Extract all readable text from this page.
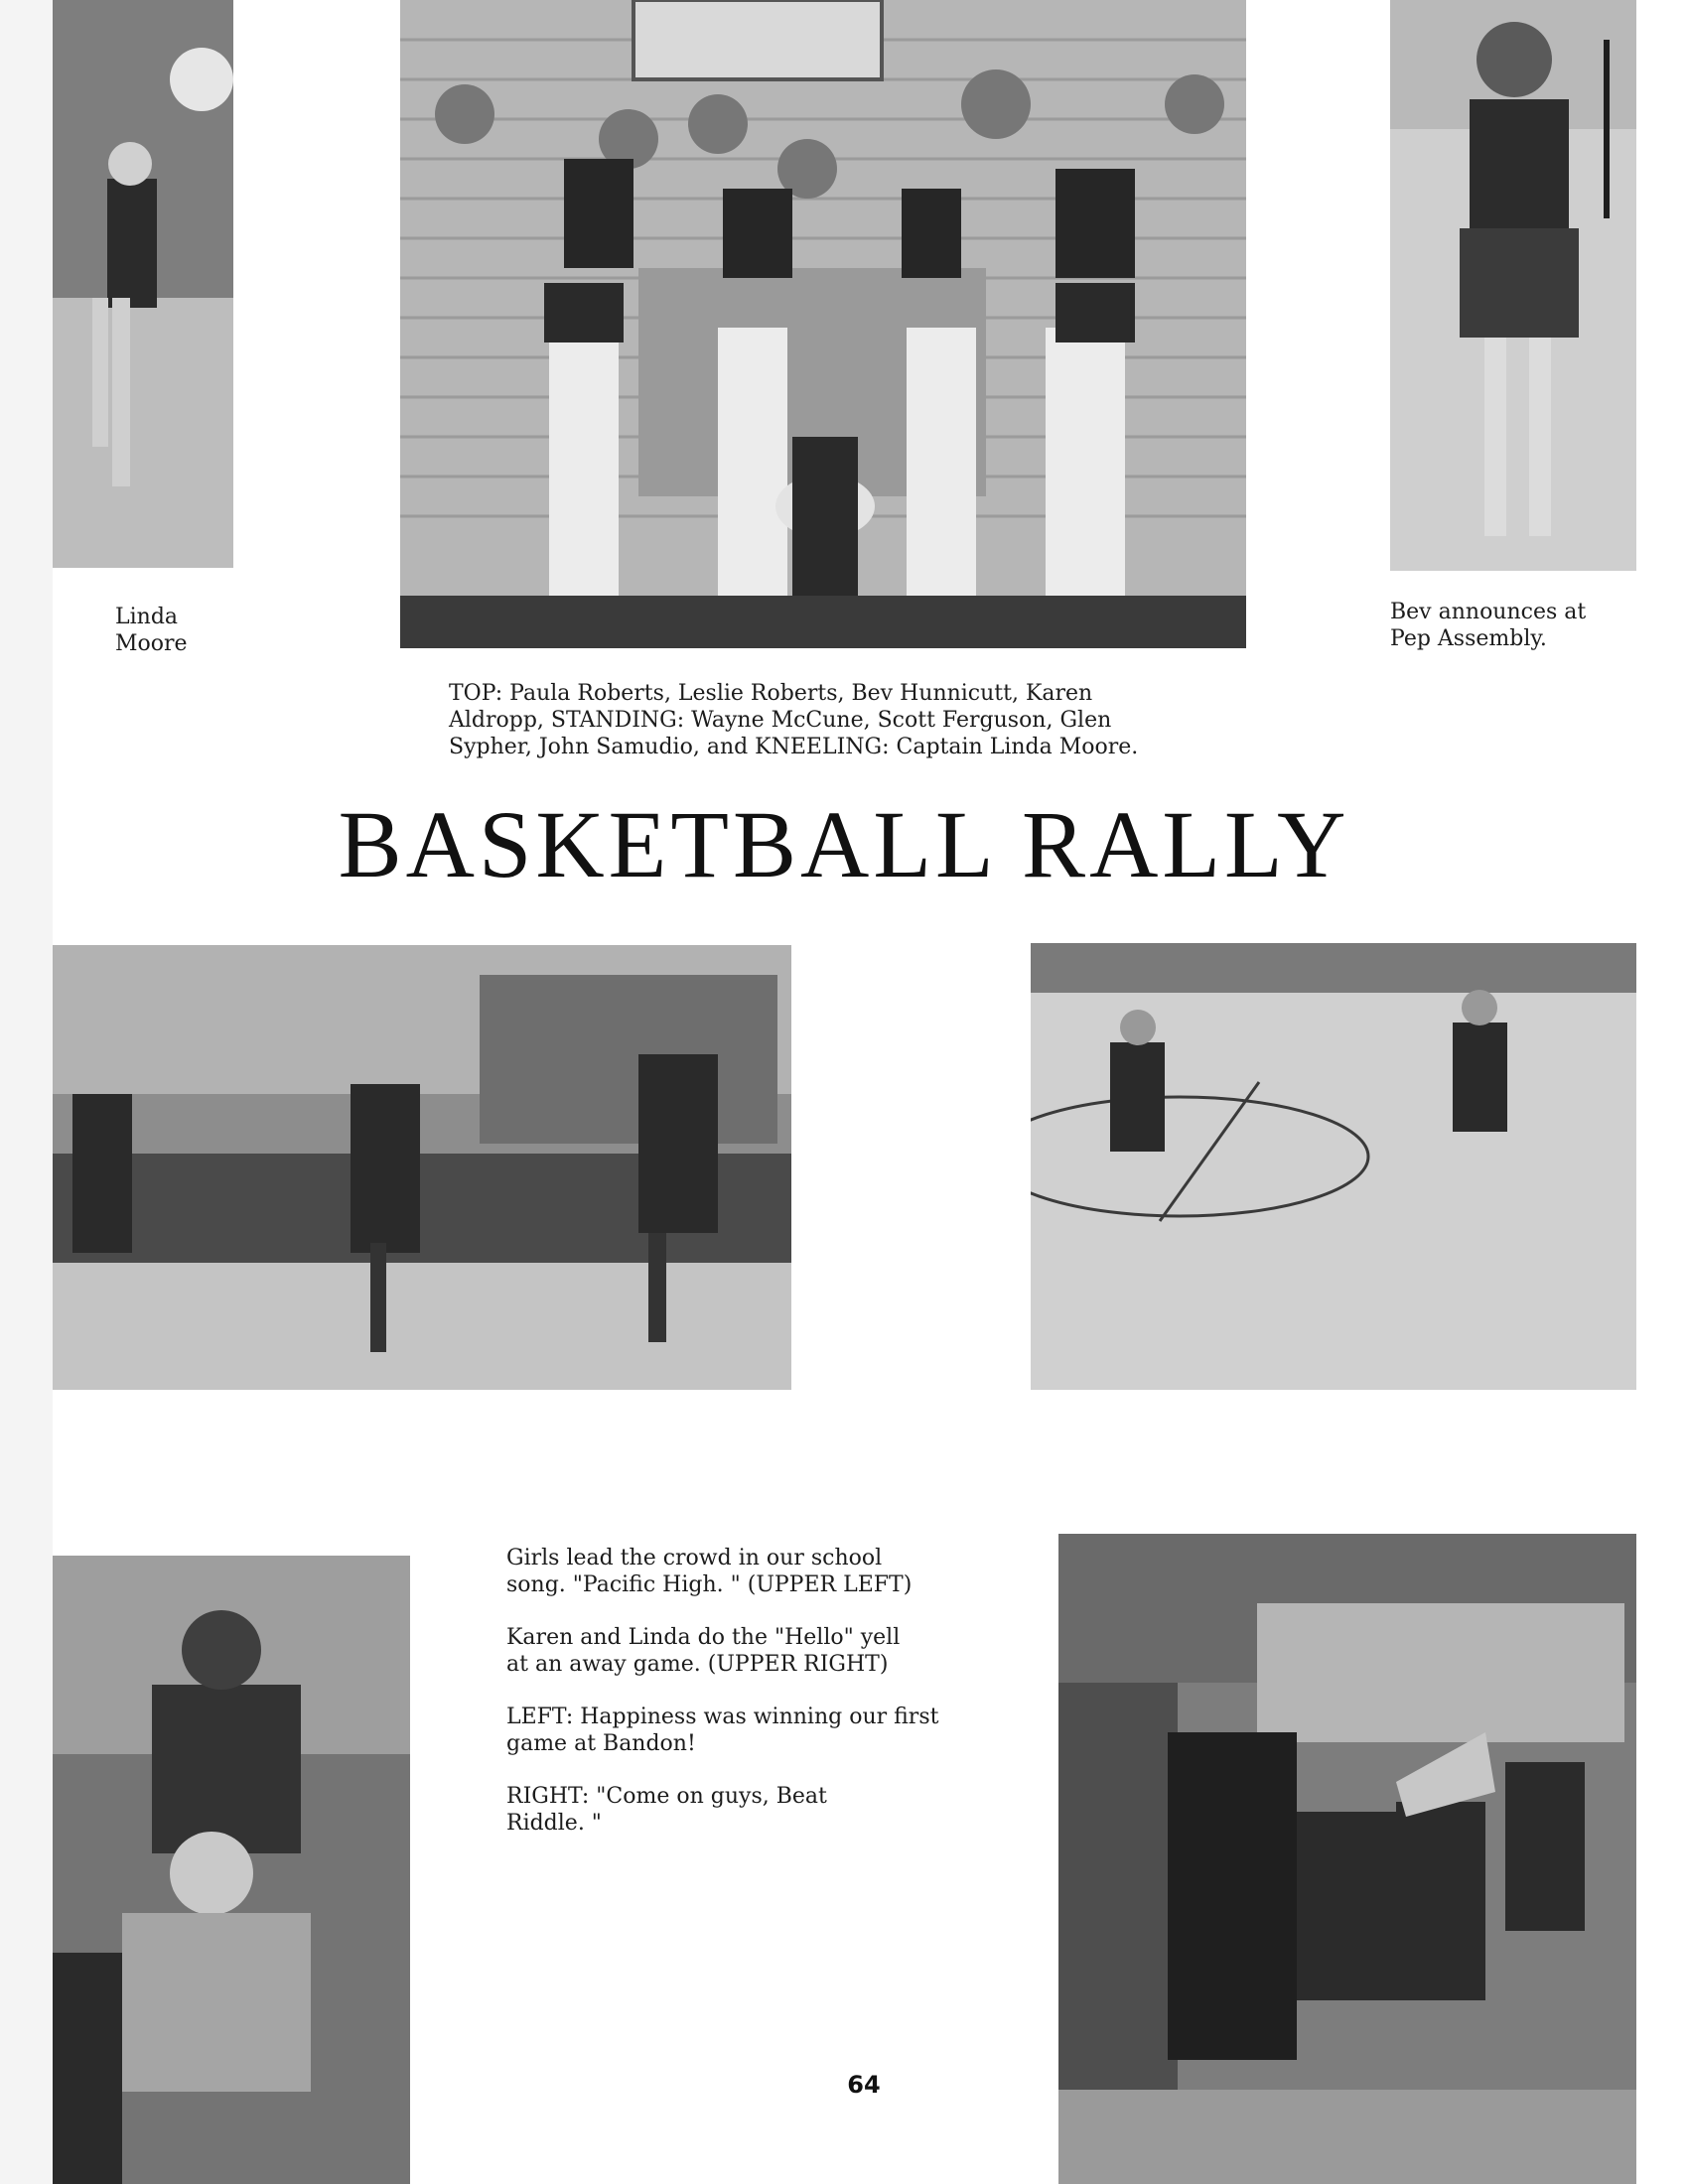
Linda
Moore

Bev announces at
Pep Assembly.

TOP: Paula Roberts, Leslie Roberts, Bev Hunnicutt, Karen
Aldropp, STANDING: Wayne McCune, Scott Ferguson, Glen
Sypher, John Samudio, and KNEELING: Captain Linda Moore.

BASKETBALL RALLY

Girls lead the crowd in our school
song. "Pacific High. " (UPPER LEFT)

Karen and Linda do the "Hello" yell
at an away game. (UPPER RIGHT)

LEFT: Happiness was winning our first
game at Bandon!

RIGHT: "Come on guys, Beat
Riddle. "

64
